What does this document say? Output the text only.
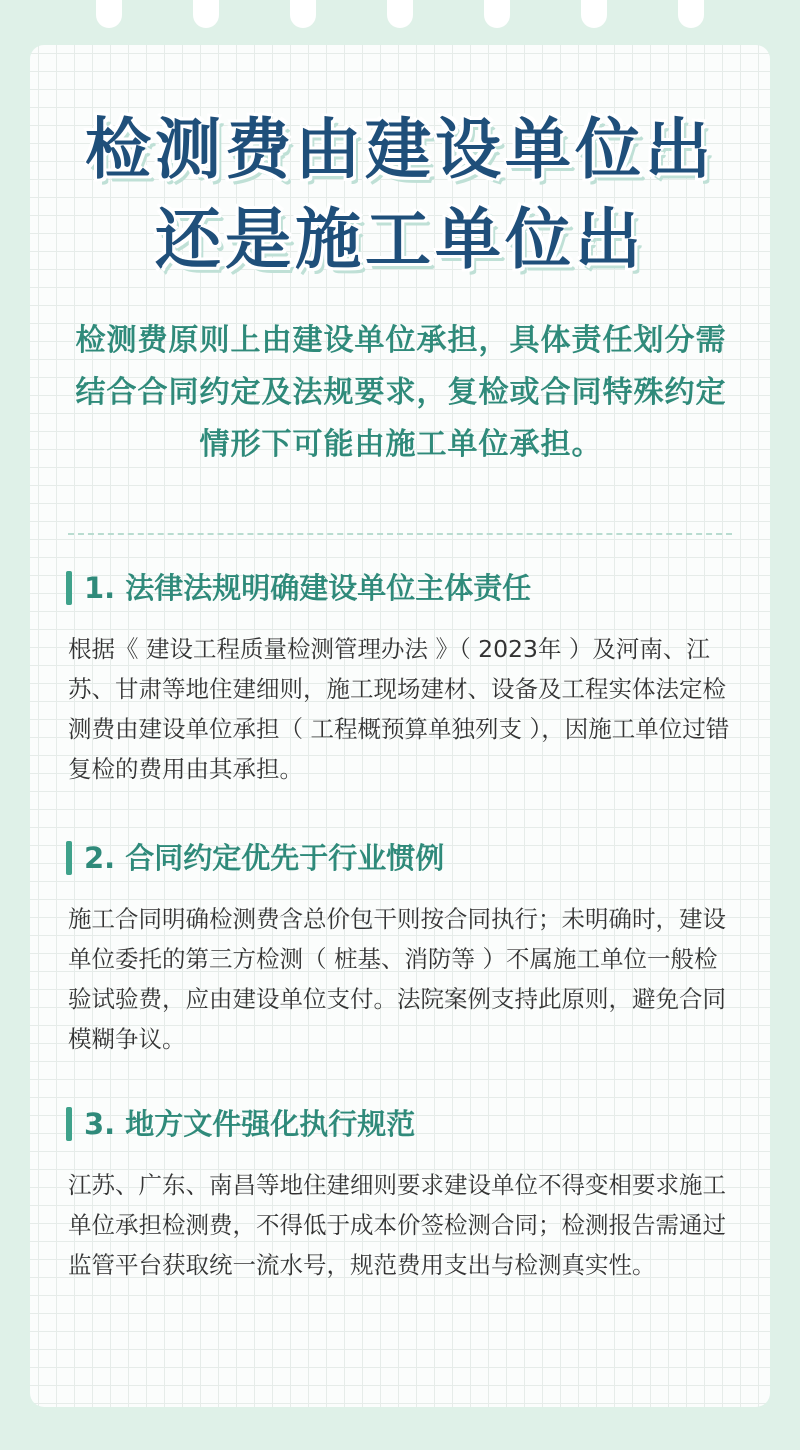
检测费由建设单位出
还是施工单位出

检测费原则上由建设单位承担，具体责任划分需结合合同约定及法规要求，复检或合同特殊约定情形下可能由施工单位承担。

1. 法律法规明确建设单位主体责任

根据《 建设工程质量检测管理办法 》（ 2023年 ）及河南、江苏、甘肃等地住建细则，施工现场建材、设备及工程实体法定检测费由建设单位承担（ 工程概预算单独列支 ），因施工单位过错复检的费用由其承担。

2. 合同约定优先于行业惯例

施工合同明确检测费含总价包干则按合同执行；未明确时，建设单位委托的第三方检测（ 桩基、消防等 ）不属施工单位一般检验试验费，应由建设单位支付。法院案例支持此原则，避免合同模糊争议。

3. 地方文件强化执行规范

江苏、广东、南昌等地住建细则要求建设单位不得变相要求施工单位承担检测费，不得低于成本价签检测合同；检测报告需通过监管平台获取统一流水号，规范费用支出与检测真实性。
